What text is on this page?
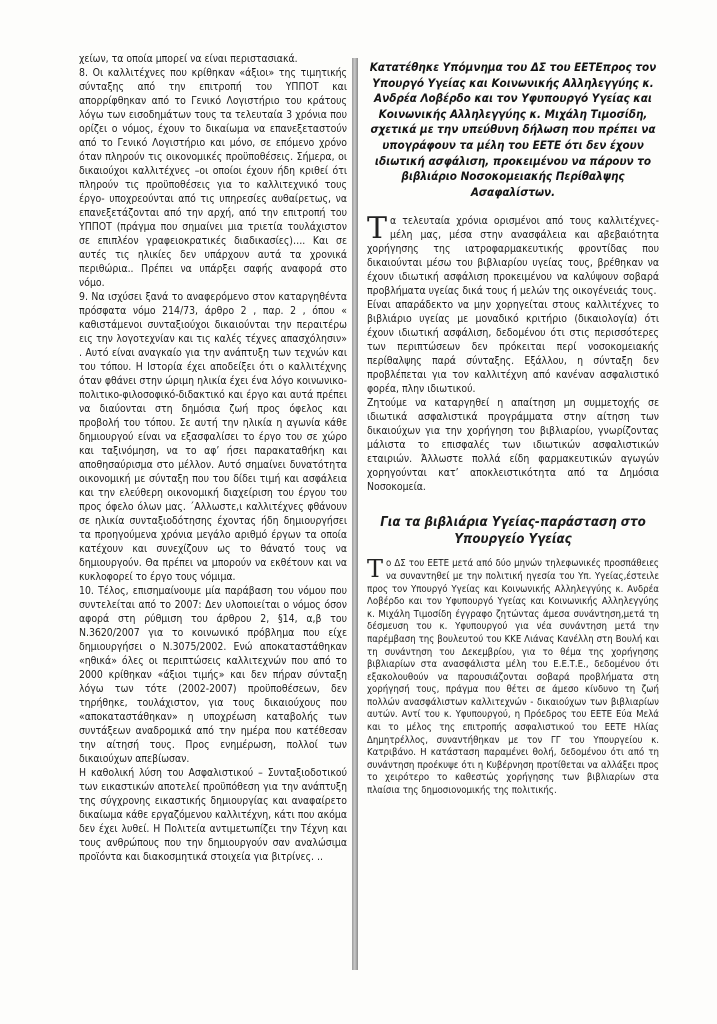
χείων, τα οποία μπορεί να είναι περιστασιακά.

8. Οι καλλιτέχνες που κρίθηκαν «άξιοι» της τιμητικής σύνταξης από την επιτροπή του ΥΠΠΟΤ και απορρίφθηκαν από το Γενικό Λογιστήριο του κράτους λόγω των εισοδημάτων τους τα τελευταία 3 χρόνια που ορίζει ο νόμος, έχουν το δικαίωμα να επανεξεταστούν από το Γενικό Λογιστήριο και μόνο, σε επόμενο χρόνο όταν πληρούν τις οικονομικές προϋποθέσεις. Σήμερα, οι δικαιούχοι καλλιτέχνες –οι οποίοι έχουν ήδη κριθεί ότι πληρούν τις προϋποθέσεις για το καλλιτεχνικό τους έργο- υποχρεούνται από τις υπηρεσίες αυθαίρετως, να επανεξετάζονται από την αρχή, από την επιτροπή του ΥΠΠΟΤ (πράγμα που σημαίνει μια τριετία τουλάχιστον σε επιπλέον γραφειοκρατικές διαδικασίες)…. Και σε αυτές τις ηλικίες δεν υπάρχουν αυτά τα χρονικά περιθώρια.. Πρέπει να υπάρξει σαφής αναφορά στο νόμο.

9. Να ισχύσει ξανά το αναφερόμενο στον καταργηθέντα πρόσφατα νόμο 214/73, άρθρο 2 , παρ. 2 , όπου « καθιστάμενοι συνταξιούχοι δικαιούνται την περαιτέρω εις την λογοτεχνίαν και τις καλές τέχνες απασχόλησιν» . Αυτό είναι αναγκαίο για την ανάπτυξη των τεχνών και του τόπου. Η Ιστορία έχει αποδείξει ότι ο καλλιτέχνης όταν φθάνει στην ώριμη ηλικία έχει ένα λόγο κοινωνικο-πολιτικο-φιλοσοφικό-διδακτικό και έργο και αυτά πρέπει να διαύονται στη δημόσια ζωή προς όφελος και προβολή του τόπου. Σε αυτή την ηλικία η αγωνία κάθε δημιουργού είναι να εξασφαλίσει το έργο του σε χώρο και ταξινόμηση, να το αφ’ ήσει παρακαταθήκη και αποθησαύρισμα στο μέλλον. Αυτό σημαίνει δυνατότητα οικονομική με σύνταξη που του δίδει τιμή και ασφάλεια και την ελεύθερη οικονομική διαχείριση του έργου του προς όφελο όλων μας. ΄Αλλωστε,ι καλλιτέχνες φθάνουν σε ηλικία συνταξιοδότησης έχοντας ήδη δημιουργήσει τα προηγούμενα χρόνια μεγάλο αριθμό έργων τα οποία κατέχουν και συνεχίζουν ως το θάνατό τους να δημιουργούν. Θα πρέπει να μπορούν να εκθέτουν και να κυκλοφορεί το έργο τους νόμιμα.

10. Τέλος, επισημαίνουμε μία παράβαση του νόμου που συντελείται από το 2007: Δεν υλοποιείται ο νόμος όσον αφορά στη ρύθμιση του άρθρου 2, §14, α,β του Ν.3620/2007 για το κοινωνικό πρόβλημα που είχε δημιουργήσει ο Ν.3075/2002. Ενώ αποκαταστάθηκαν «ηθικά» όλες οι περιπτώσεις καλλιτεχνών που από το 2000 κρίθηκαν «άξιοι τιμής» και δεν πήραν σύνταξη λόγω των τότε (2002-2007) προϋποθέσεων, δεν τηρήθηκε, τουλάχιστον, για τους δικαιούχους που «αποκαταστάθηκαν» η υποχρέωση καταβολής των συντάξεων αναδρομικά από την ημέρα που κατέθεσαν την αίτησή τους. Προς ενημέρωση, πολλοί των δικαιούχων απεβίωσαν.

Η καθολική λύση του Ασφαλιστικού – Συνταξιοδοτικού των εικαστικών αποτελεί προϋπόθεση για την ανάπτυξη της σύγχρονης εικαστικής δημιουργίας και αναφαίρετο δικαίωμα κάθε εργαζόμενου καλλιτέχνη, κάτι που ακόμα δεν έχει λυθεί. Η Πολιτεία αντιμετωπίζει την Τέχνη και τους ανθρώπους που την δημιουργούν σαν αναλώσιμα προϊόντα και διακοσμητικά στοιχεία για βιτρίνες. ..

Κατατέθηκε Υπόμνημα του ΔΣ του ΕΕΤΕπρος τον Υπουργό Υγείας και Κοινωνικής Αλληλεγγύης κ. Ανδρέα Λοβέρδο και τον Υφυπουργό Υγείας και Κοινωνικής Αλληλεγγύης κ. Μιχάλη Τιμοσίδη, σχετικά με την υπεύθυνη δήλωση που πρέπει να υπογράφουν τα μέλη του ΕΕΤΕ ότι δεν έχουν ιδιωτική ασφάλιση, προκειμένου να πάρουν το βιβλιάριο Νοσοκομειακής Περίθαλψης Ασαφαλίστων.

Τα τελευταία χρόνια ορισμένοι από τους καλλιτέχνες-μέλη μας, μέσα στην ανασφάλεια και αβεβαιότητα χορήγησης της ιατροφαρμακευτικής φροντίδας που δικαιούνται μέσω του βιβλιαρίου υγείας τους, βρέθηκαν να έχουν ιδιωτική ασφάλιση προκειμένου να καλύψουν σοβαρά προβλήματα υγείας δικά τους ή μελών της οικογένειάς τους.

Είναι απαράδεκτο να μην χορηγείται στους καλλιτέχνες το βιβλιάριο υγείας με μοναδικό κριτήριο (δικαιολογία) ότι έχουν ιδιωτική ασφάλιση, δεδομένου ότι στις περισσότερες των περιπτώσεων δεν πρόκειται περί νοσοκομειακής περίθαλψης παρά σύνταξης. Εξάλλου, η σύνταξη δεν προβλέπεται για τον καλλιτέχνη από κανέναν ασφαλιστικό φορέα, πλην ιδιωτικού.

Ζητούμε να καταργηθεί η απαίτηση μη συμμετοχής σε ιδιωτικά ασφαλιστικά προγράμματα στην αίτηση των δικαιούχων για την χορήγηση του βιβλιαρίου, γνωρίζοντας μάλιστα το επισφαλές των ιδιωτικών ασφαλιστικών εταιριών. Άλλωστε πολλά είδη φαρμακευτικών αγωγών χορηγούνται κατ’ αποκλειστικότητα από τα Δημόσια Νοσοκομεία.

Για τα βιβλιάρια Υγείας-παράσταση στο Υπουργείο Υγείας

Το ΔΣ του ΕΕΤΕ μετά από δύο μηνών τηλεφωνικές προσπάθειες να συναντηθεί με την πολιτική ηγεσία του Υπ. Υγείας,έστειλε προς τον Υπουργό Υγείας και Κοινωνικής Αλληλεγγύης κ. Ανδρέα Λοβέρδο και τον Υφυπουργό Υγείας και Κοινωνικής Αλληλεγγύης κ. Μιχάλη Τιμοσίδη έγγραφο ζητώντας άμεσα συνάντηση,μετά τη δέσμευση του κ. Υφυπουργού για νέα συνάντηση μετά την παρέμβαση της βουλευτού του ΚΚΕ Λιάνας Κανέλλη στη Βουλή και τη συνάντηση του Δεκεμβρίου, για το θέμα της χορήγησης βιβλιαρίων στα ανασφάλιστα μέλη του Ε.Ε.Τ.Ε., δεδομένου ότι εξακολουθούν να παρουσιάζονται σοβαρά προβλήματα στη χορήγησή τους, πράγμα που θέτει σε άμεσο κίνδυνο τη ζωή πολλών ανασφάλιστων καλλιτεχνών - δικαιούχων των βιβλιαρίων αυτών. Αντί του κ. Υφυπουργού, η Πρόεδρος του ΕΕΤΕ Εύα Μελά και το μέλος της επιτροπής ασφαλιστικού του ΕΕΤΕ Ηλίας Δημητρέλλος, συναντήθηκαν με τον ΓΓ του Υπουργείου κ. Κατριβάνο. Η κατάσταση παραμένει θολή, δεδομένου ότι από τη συνάντηση προέκυψε ότι η Κυβέρνηση προτίθεται να αλλάξει προς το χειρότερο το καθεστώς χορήγησης των βιβλιαρίων στα πλαίσια της δημοσιονομικής της πολιτικής.
